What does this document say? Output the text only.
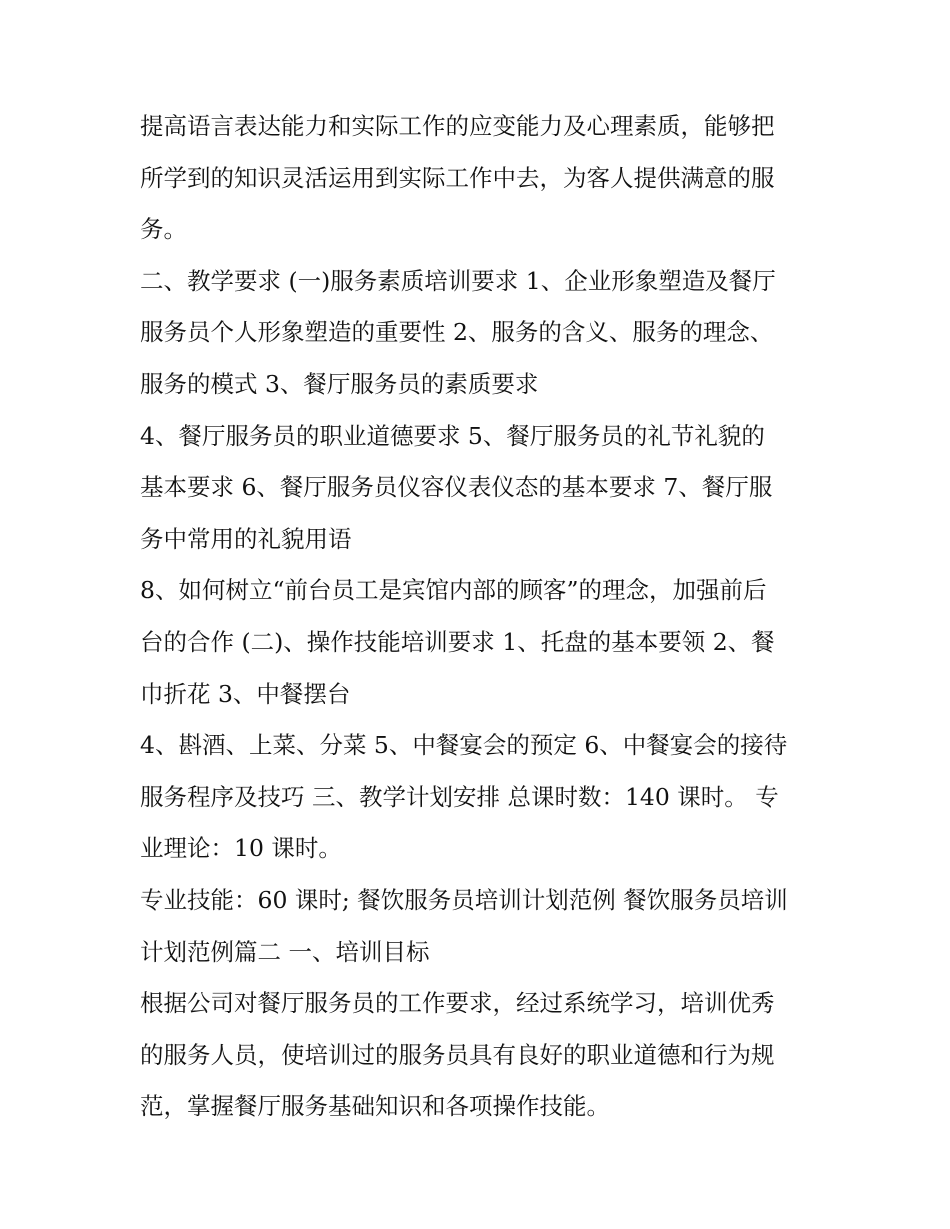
提高语言表达能力和实际工作的应变能力及心理素质，能够把
所学到的知识灵活运用到实际工作中去，为客人提供满意的服
务。
二、教学要求 (一)服务素质培训要求 1、企业形象塑造及餐厅
服务员个人形象塑造的重要性 2、服务的含义、服务的理念、
服务的模式 3、餐厅服务员的素质要求
4、餐厅服务员的职业道德要求 5、餐厅服务员的礼节礼貌的
基本要求 6、餐厅服务员仪容仪表仪态的基本要求 7、餐厅服
务中常用的礼貌用语
8、如何树立“前台员工是宾馆内部的顾客”的理念，加强前后
台的合作 (二)、操作技能培训要求 1、托盘的基本要领 2、餐
巾折花 3、中餐摆台
4、斟酒、上菜、分菜 5、中餐宴会的预定 6、中餐宴会的接待
服务程序及技巧 三、教学计划安排 总课时数：140 课时。 专
业理论：10 课时。
专业技能：60 课时; 餐饮服务员培训计划范例 餐饮服务员培训
计划范例篇二 一、培训目标
根据公司对餐厅服务员的工作要求，经过系统学习，培训优秀
的服务人员，使培训过的服务员具有良好的职业道德和行为规
范，掌握餐厅服务基础知识和各项操作技能。
